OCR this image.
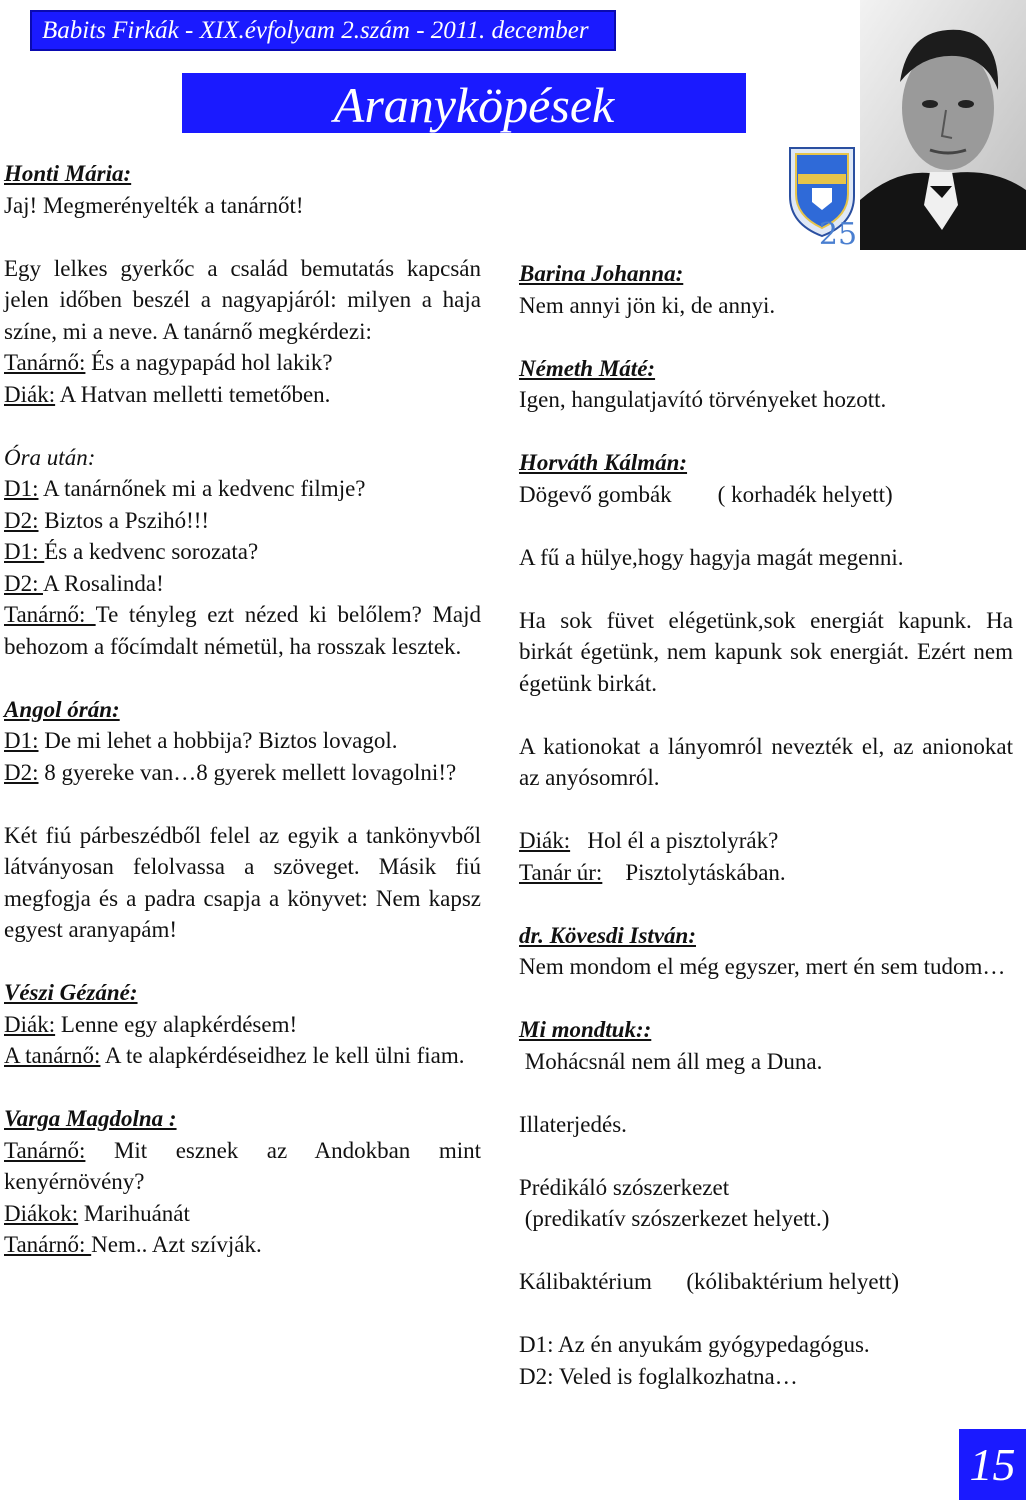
Babits Firkák - XIX.évfolyam 2.szám - 2011. december
Aranyköpések
25

Honti Mária:

Jaj! Megmerényelték a tanárnőt!

Egy lelkes gyerkőc a család bemutatás kapcsán jelen időben beszél a nagyapjáról: milyen a haja színe, mi a neve. A tanárnő megkérdezi:

Tanárnő: És a nagypapád hol lakik?

Diák: A Hatvan melletti temetőben.

Óra után:

D1: A tanárnőnek mi a kedvenc filmje?

D2: Biztos a Pszihó!!!

D1: És a kedvenc sorozata?

D2: A Rosalinda!

Tanárnő: Te tényleg ezt nézed ki belőlem? Majd behozom a főcímdalt németül, ha rosszak lesztek.

Angol órán:

D1: De mi lehet a hobbija? Biztos lovagol.

D2: 8 gyereke van…8 gyerek mellett lovagolni!?

Két fiú párbeszédből felel az egyik a tankönyvből látványosan felolvassa a szöveget. Másik fiú megfogja és a padra csapja a könyvet: Nem kapsz egyest aranyapám!

Vészi Gézáné:

Diák: Lenne egy alapkérdésem!

A tanárnő: A te alapkérdéseidhez le kell ülni fiam.

Varga Magdolna :

Tanárnő: Mit esznek az Andokban mint kenyérnövény?

Diákok: Marihuánát

Tanárnő: Nem.. Azt szívják.

Barina Johanna:

Nem annyi jön ki, de annyi.

Németh Máté:

Igen, hangulatjavító törvényeket hozott.

Horváth Kálmán:

Dögevő gombák        ( korhadék helyett)

A fű a hülye,hogy hagyja magát megenni.

Ha sok füvet elégetünk,sok energiát kapunk. Ha birkát égetünk, nem kapunk sok energiát. Ezért nem égetünk birkát.

A kationokat a lányomról nevezték el, az anionokat az anyósomról.

Diák:   Hol él a pisztolyrák?

Tanár úr:    Pisztolytáskában.

dr. Kövesdi István:

Nem mondom el még egyszer, mert én sem tudom…

Mi mondtuk::

Mohácsnál nem áll meg a Duna.

Illaterjedés.

Prédikáló szószerkezet

(predikatív szószerkezet helyett.)

Kálibaktérium      (kólibaktérium helyett)

D1: Az én anyukám gyógypedagógus.

D2: Veled is foglalkozhatna…

15
